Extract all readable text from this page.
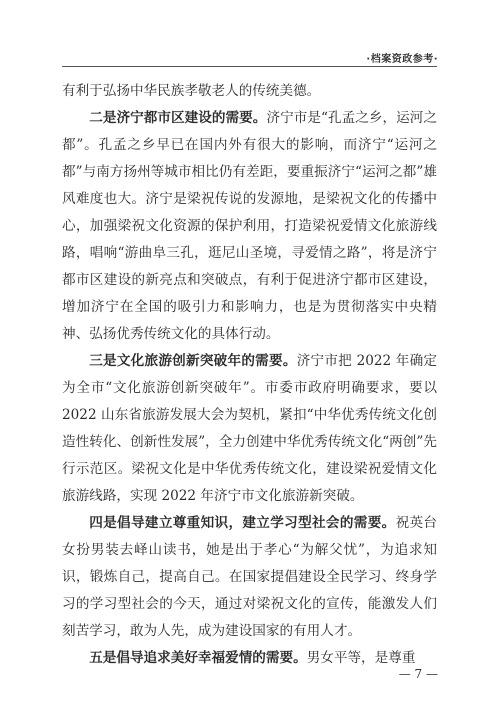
·档案资政参考·

有利于弘扬中华民族孝敬老人的传统美德。

二是济宁都市区建设的需要。济宁市是“孔孟之乡，运河之都”。孔孟之乡早已在国内外有很大的影响，而济宁“运河之都”与南方扬州等城市相比仍有差距，要重振济宁“运河之都”雄风难度也大。济宁是梁祝传说的发源地，是梁祝文化的传播中心，加强梁祝文化资源的保护利用，打造梁祝爱情文化旅游线路，唱响“游曲阜三孔，逛尼山圣境，寻爱情之路”，将是济宁都市区建设的新亮点和突破点，有利于促进济宁都市区建设，增加济宁在全国的吸引力和影响力，也是为贯彻落实中央精神、弘扬优秀传统文化的具体行动。

三是文化旅游创新突破年的需要。济宁市把 2022 年确定为全市“文化旅游创新突破年”。市委市政府明确要求，要以 2022 山东省旅游发展大会为契机，紧扣“中华优秀传统文化创造性转化、创新性发展”，全力创建中华优秀传统文化“两创”先行示范区。梁祝文化是中华优秀传统文化，建设梁祝爱情文化旅游线路，实现 2022 年济宁市文化旅游新突破。

四是倡导建立尊重知识，建立学习型社会的需要。祝英台女扮男装去峄山读书，她是出于孝心“为解父忧”，为追求知识，锻炼自己，提高自己。在国家提倡建设全民学习、终身学习的学习型社会的今天，通过对梁祝文化的宣传，能激发人们刻苦学习，敢为人先，成为建设国家的有用人才。

五是倡导追求美好幸福爱情的需要。男女平等，是尊重

— 7 —
